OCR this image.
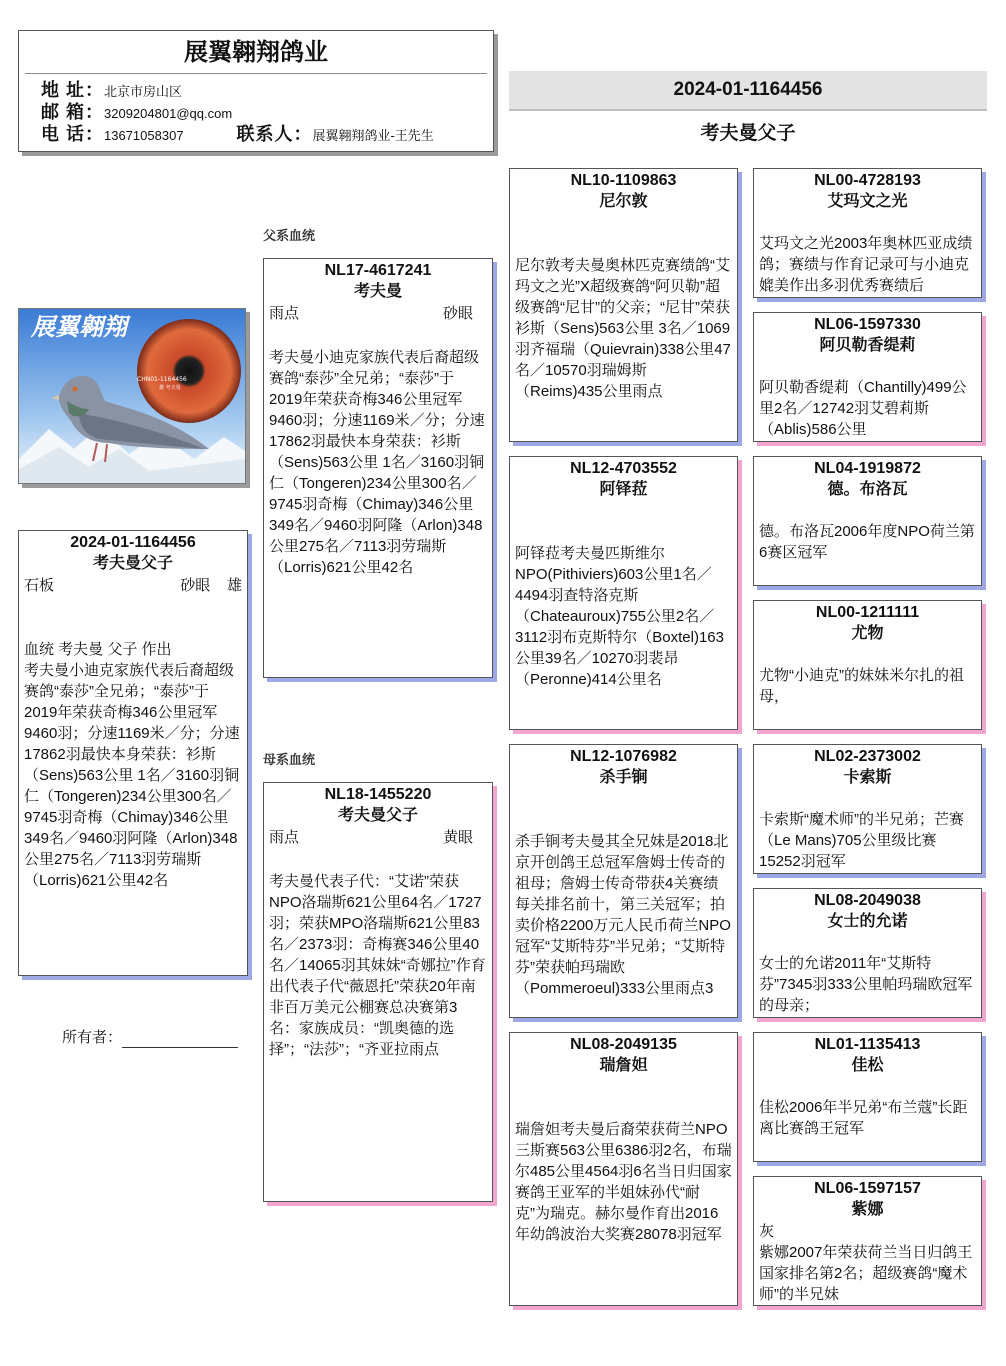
展翼翱翔鸽业
地 址：北京市房山区
邮 箱：3209204801@qq.com
电 话：13671058307	联系人：展翼翱翔鸽业-王先生
2024-01-1164456
考夫曼父子
展翼翱翔
CHN01-1164456
雄 考夫曼
2024-01-1164456
考夫曼父子
石板	砂眼 雄
血统 考夫曼 父子 作出
考夫曼小迪克家族代表后裔超级赛鸽“泰莎”全兄弟；“泰莎”于2019年荣获奇梅346公里冠军9460羽；分速1169米／分；分速17862羽最快本身荣获：衫斯（Sens)563公里 1名／3160羽铜仁（Tongeren)234公里300名／9745羽奇梅（Chimay)346公里349名／9460羽阿隆（Arlon)348公里275名／7113羽劳瑞斯（Lorris)621公里42名
所有者：
父系血统
母系血统
NL17-4617241
考夫曼
雨点	砂眼
考夫曼小迪克家族代表后裔超级赛鸽“泰莎”全兄弟；“泰莎”于2019年荣获奇梅346公里冠军9460羽；分速1169米／分；分速17862羽最快本身荣获：衫斯（Sens)563公里 1名／3160羽铜仁（Tongeren)234公里300名／9745羽奇梅（Chimay)346公里349名／9460羽阿隆（Arlon)348公里275名／7113羽劳瑞斯（Lorris)621公里42名
NL18-1455220
考夫曼父子
雨点	黄眼
考夫曼代表子代：“艾诺”荣获NPO洛瑞斯621公里64名／1727羽；荣获MPO洛瑞斯621公里83名／2373羽：奇梅赛346公里40名／14065羽其妹妹“奇娜拉”作育出代表子代“薇恩托”荣获20年南非百万美元公棚赛总决赛第3名：家族成员：“凯奥德的选择”；“法莎”；“齐亚拉雨点
NL10-1109863
尼尔敦
尼尔敦考夫曼奥林匹克赛绩鸽“艾玛文之光”X超级赛鸽“阿贝勒”超级赛鸽“尼甘”的父亲；“尼甘”荣获衫斯（Sens)563公里 3名／1069羽齐福瑞（Quievrain)338公里47名／10570羽瑞姆斯（Reims)435公里雨点
NL12-4703552
阿铎菈
阿铎菈考夫曼匹斯维尔NPO(Pithiviers)603公里1名／4494羽查特洛克斯（Chateauroux)755公里2名／3112羽布克斯特尔（Boxtel)163公里39名／10270羽裴昂（Peronne)414公里名
NL12-1076982
杀手锏
杀手锏考夫曼其全兄妹是2018北京开创鸽王总冠军詹姆士传奇的祖母；詹姆士传奇带获4关赛绩每关排名前十，第三关冠军；拍卖价格2200万元人民币荷兰NPO冠军“艾斯特芬”半兄弟；“艾斯特芬”荣获帕玛瑞欧（Pommeroeul)333公里雨点3
NL08-2049135
瑞詹妲
瑞詹妲考夫曼后裔荣获荷兰NPO三斯赛563公里6386羽2名，布瑞尔485公里4564羽6名当日归国家赛鸽王亚军的半姐妹孙代“耐克”为瑞克。赫尔曼作育出2016年幼鸽波治大奖赛28078羽冠军
NL00-4728193
艾玛文之光
艾玛文之光2003年奥林匹亚成绩鸽；赛绩与作育记录可与小迪克媲美作出多羽优秀赛绩后
NL06-1597330
阿贝勒香缇莉
阿贝勒香缇莉（Chantilly)499公里2名／12742羽艾碧莉斯（Ablis)586公里
NL04-1919872
德。布洛瓦
德。布洛瓦2006年度NPO荷兰第6赛区冠军
NL00-1211111
尤物
尤物“小迪克”的妹妹米尔扎的祖母，
NL02-2373002
卡索斯
卡索斯“魔术师”的半兄弟；芒赛（Le Mans)705公里级比赛15252羽冠军
NL08-2049038
女士的允诺
女士的允诺2011年“艾斯特芬”7345羽333公里帕玛瑞欧冠军的母亲；
NL01-1135413
佳松
佳松2006年半兄弟“布兰蔻”长距离比赛鸽王冠军
NL06-1597157
紫娜
灰
紫娜2007年荣获荷兰当日归鸽王国家排名第2名；超级赛鸽“魔术师”的半兄妹
